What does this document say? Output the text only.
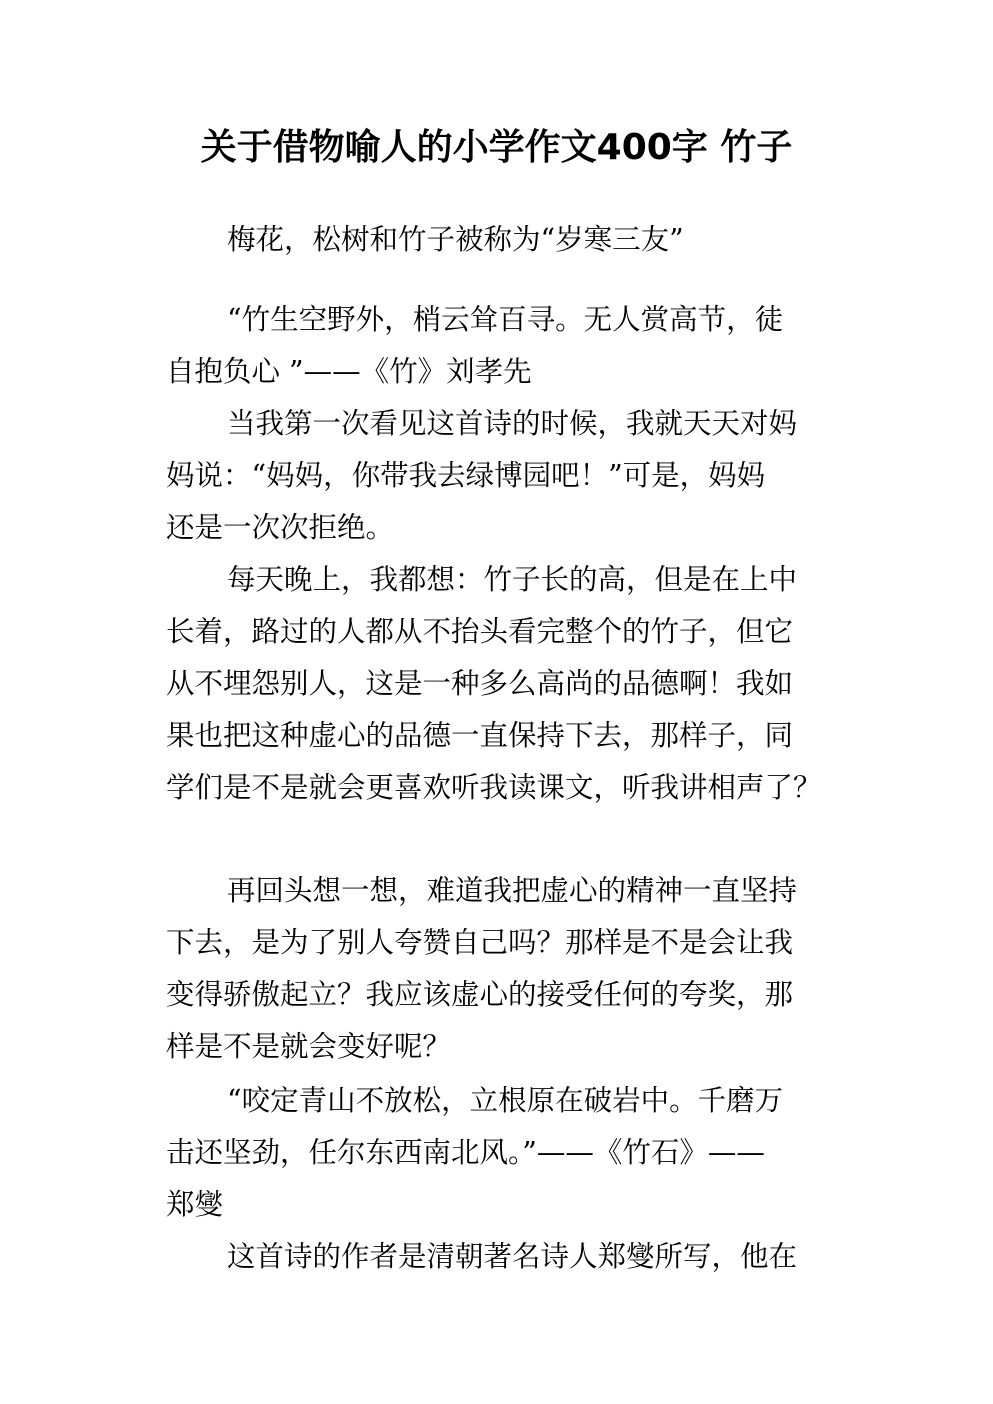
关于借物喻人的小学作文400字 竹子

梅花，松树和竹子被称为“岁寒三友”

“竹生空野外，梢云耸百寻。无人赏高节，徒

自抱负心 ”——《竹》刘孝先

当我第一次看见这首诗的时候，我就天天对妈

妈说：“妈妈，你带我去绿博园吧！”可是，妈妈

还是一次次拒绝。

每天晚上，我都想：竹子长的高，但是在上中

长着，路过的人都从不抬头看完整个的竹子，但它

从不埋怨别人，这是一种多么高尚的品德啊！我如

果也把这种虚心的品德一直保持下去，那样子，同

学们是不是就会更喜欢听我读课文，听我讲相声了？

再回头想一想，难道我把虚心的精神一直坚持

下去，是为了别人夸赞自己吗？那样是不是会让我

变得骄傲起立？我应该虚心的接受任何的夸奖，那

样是不是就会变好呢？

“咬定青山不放松，立根原在破岩中。千磨万

击还坚劲，任尔东西南北风。”——《竹石》——

郑燮

这首诗的作者是清朝著名诗人郑燮所写，他在
